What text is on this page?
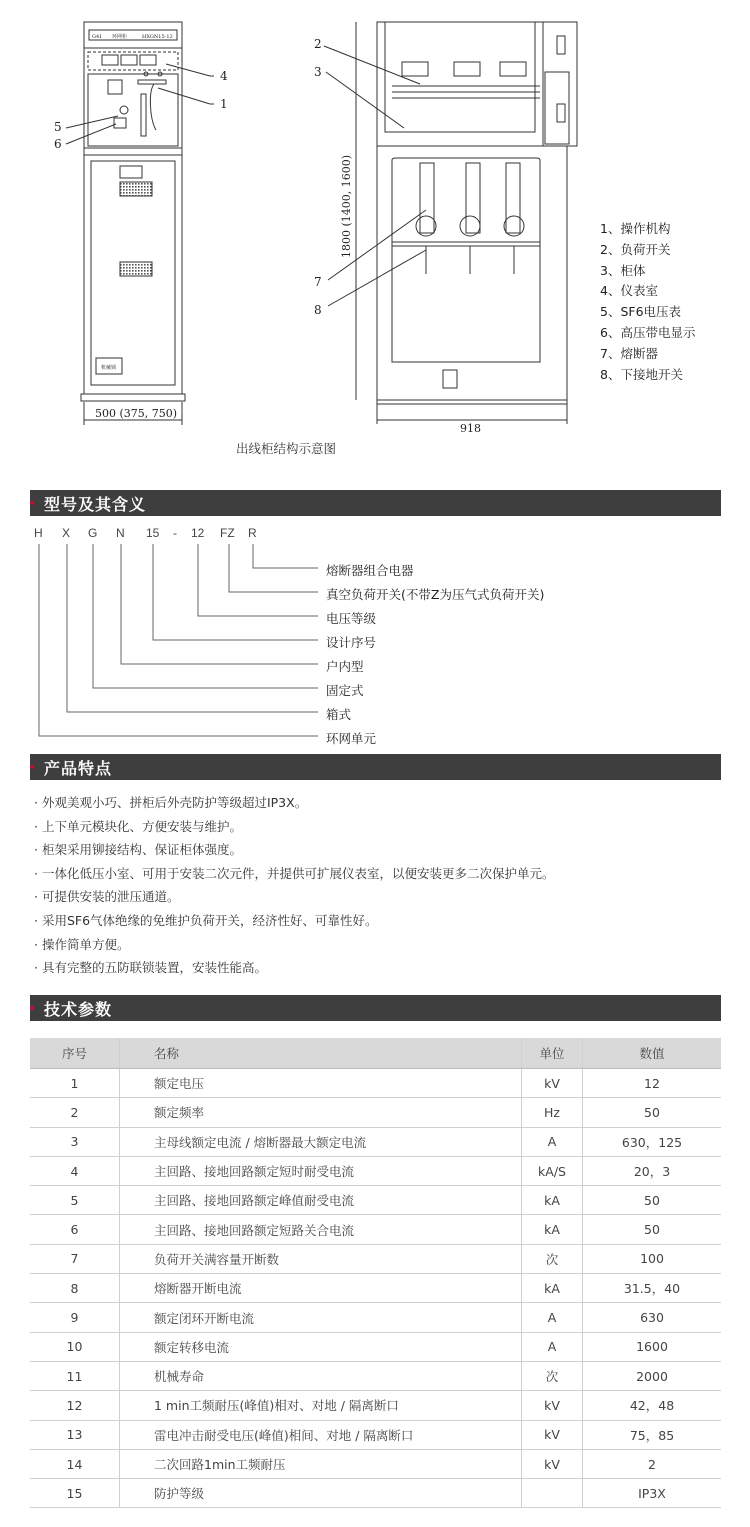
G41 环网柜	HXGN15-12
机械锁
500 (375, 750)
4
1
5
6
918
1800 (1400, 1600)
2
3
7
8
1、操作机构
2、负荷开关
3、柜体
4、仪表室
5、SF6电压表
6、高压带电显示
7、熔断器
8、下接地开关
出线柜结构示意图
型号及其含义
H X G N 15 - 12 FZ R
熔断器组合电器
真空负荷开关(不带Z为压气式负荷开关)
电压等级
设计序号
户内型
固定式
箱式
环网单元
产品特点
· 外观美观小巧、拼柜后外壳防护等级超过IP3X。
· 上下单元模块化、方便安装与维护。
· 柜架采用铆接结构、保证柜体强度。
· 一体化低压小室、可用于安装二次元件，并提供可扩展仪表室，以便安装更多二次保护单元。
· 可提供安装的泄压通道。
· 采用SF6气体绝缘的免维护负荷开关，经济性好、可靠性好。
· 操作简单方便。
· 具有完整的五防联锁装置，安装性能高。
技术参数
序号	名称	单位	数值
1	额定电压	kV	12
2	额定频率	Hz	50
3	主母线额定电流 / 熔断器最大额定电流	A	630，125
4	主回路、接地回路额定短时耐受电流	kA/S	20，3
5	主回路、接地回路额定峰值耐受电流	kA	50
6	主回路、接地回路额定短路关合电流	kA	50
7	负荷开关满容量开断数	次	100
8	熔断器开断电流	kA	31.5，40
9	额定闭环开断电流	A	630
10	额定转移电流	A	1600
11	机械寿命	次	2000
12	1 min工频耐压(峰值)相对、对地 / 隔离断口	kV	42，48
13	雷电冲击耐受电压(峰值)相间、对地 / 隔离断口	kV	75，85
14	二次回路1min工频耐压	kV	2
15	防护等级		IP3X
